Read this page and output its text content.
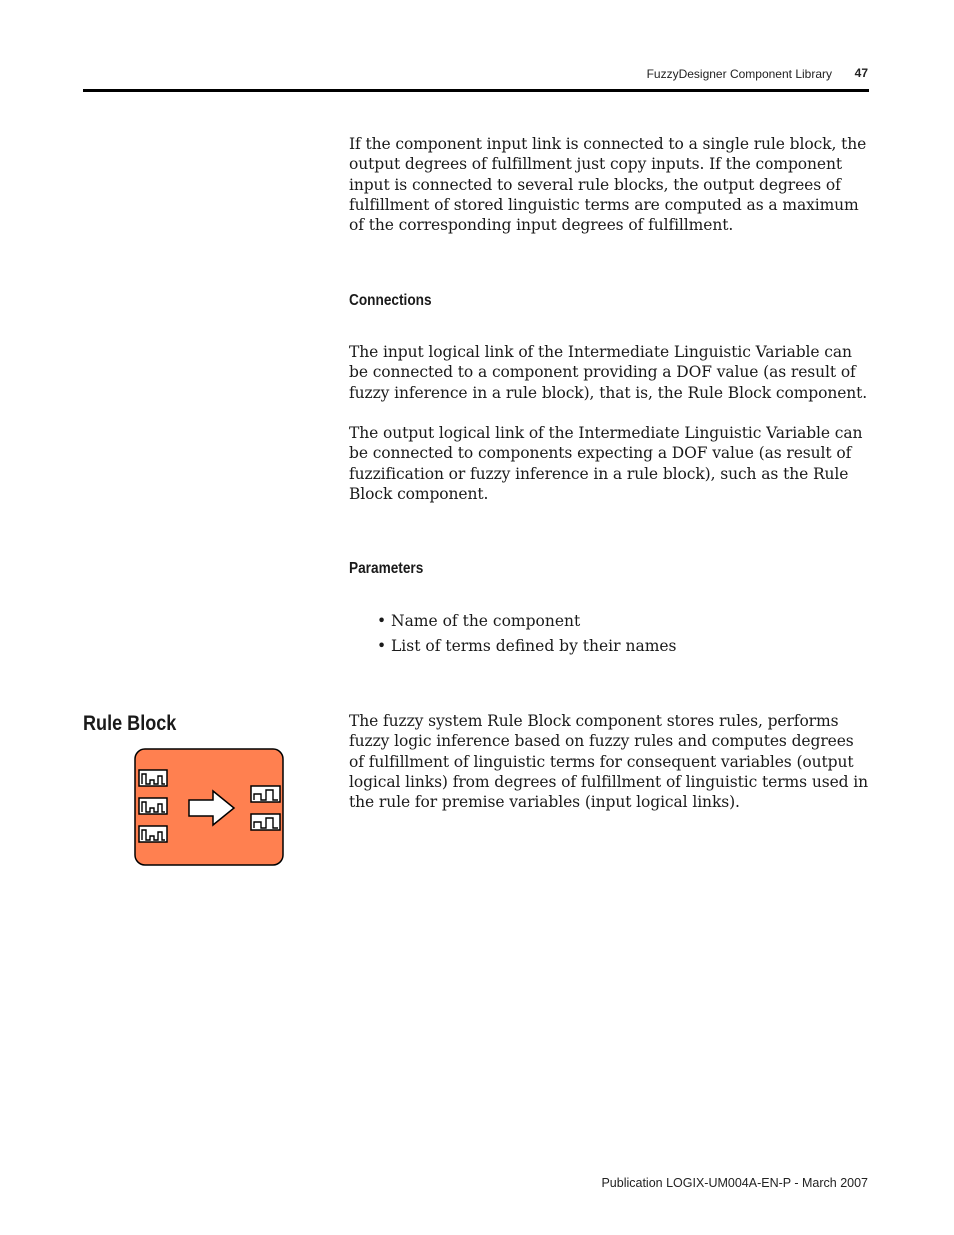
FuzzyDesigner Component Library 47

If the component input link is connected to a single rule block, the output degrees of fulfillment just copy inputs. If the component input is connected to several rule blocks, the output degrees of fulfillment of stored linguistic terms are computed as a maximum of the corresponding input degrees of fulfillment.

Connections

The input logical link of the Intermediate Linguistic Variable can be connected to a component providing a DOF value (as result of fuzzy inference in a rule block), that is, the Rule Block component.

The output logical link of the Intermediate Linguistic Variable can be connected to components expecting a DOF value (as result of fuzzification or fuzzy inference in a rule block), such as the Rule Block component.

Parameters
• Name of the component
• List of terms defined by their names
Rule Block	The fuzzy system Rule Block component stores rules, performs fuzzy logic inference based on fuzzy rules and computes degrees of fulfillment of linguistic terms for consequent variables (output logical links) from degrees of fulfillment of linguistic terms used in the rule for premise variables (input logical links).

Publication LOGIX-UM004A-EN-P - March 2007
